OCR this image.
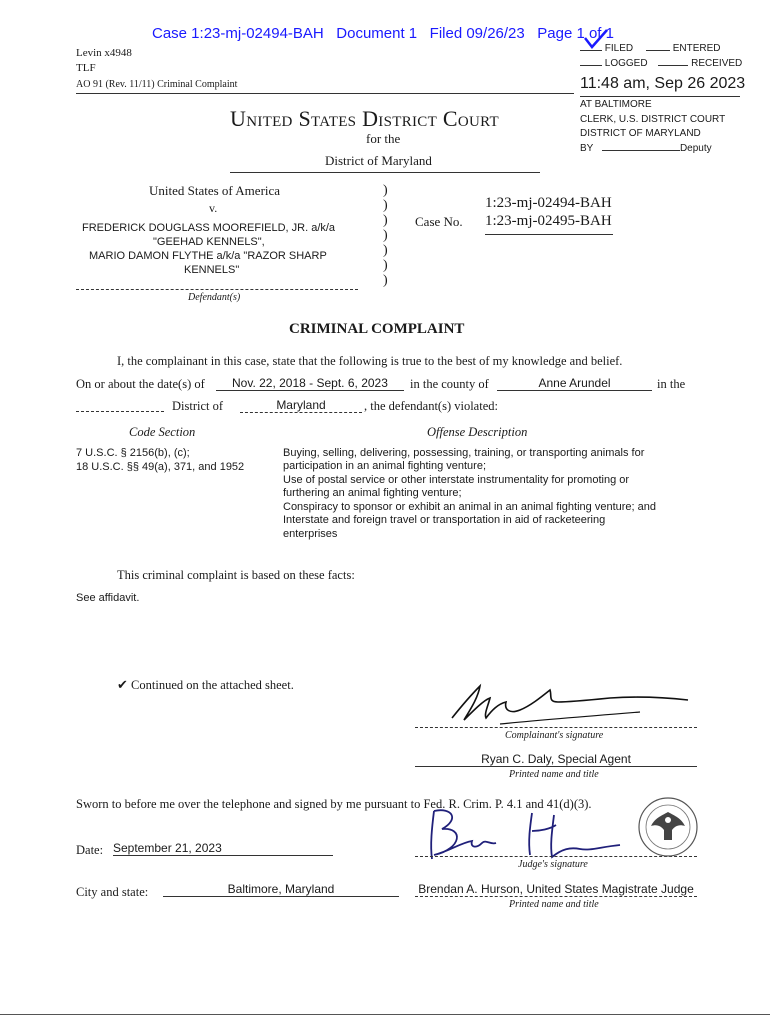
Case 1:23-mj-02494-BAH Document 1 Filed 09/26/23 Page 1 of 1
Levin x4948
TLF
AO 91 (Rev. 11/11) Criminal Complaint
FILED	ENTERED
LOGGED	RECEIVED
11:48 am, Sep 26 2023
AT BALTIMORE
CLERK, U.S. DISTRICT COURT
DISTRICT OF MARYLAND
BY	Deputy
United States District Court
for the
District of Maryland
United States of America
v.
FREDERICK DOUGLASS MOOREFIELD, JR. a/k/a
"GEEHAD KENNELS",
MARIO DAMON FLYTHE a/k/a "RAZOR SHARP
KENNELS"
Defendant(s)
)
)
)
)
)
)
)
Case No.
1:23-mj-02494-BAH
1:23-mj-02495-BAH
CRIMINAL COMPLAINT
I, the complainant in this case, state that the following is true to the best of my knowledge and belief.
On or about the date(s) of	Nov. 22, 2018 - Sept. 6, 2023	in the county of	Anne Arundel	in the
District of	Maryland	, the defendant(s) violated:
Code Section	Offense Description
7 U.S.C. § 2156(b), (c);
18 U.S.C. §§ 49(a), 371, and 1952
Buying, selling, delivering, possessing, training, or transporting animals for
participation in an animal fighting venture;
Use of postal service or other interstate instrumentality for promoting or
furthering an animal fighting venture;
Conspiracy to sponsor or exhibit an animal in an animal fighting venture; and
Interstate and foreign travel or transportation in aid of racketeering
enterprises
This criminal complaint is based on these facts:
See affidavit.
✔ Continued on the attached sheet.
Complainant's signature
Ryan C. Daly, Special Agent
Printed name and title
Sworn to before me over the telephone and signed by me pursuant to Fed. R. Crim. P. 4.1 and 41(d)(3).
Date: September 21, 2023
Judge's signature
City and state:	Baltimore, Maryland	Brendan A. Hurson, United States Magistrate Judge
Printed name and title
